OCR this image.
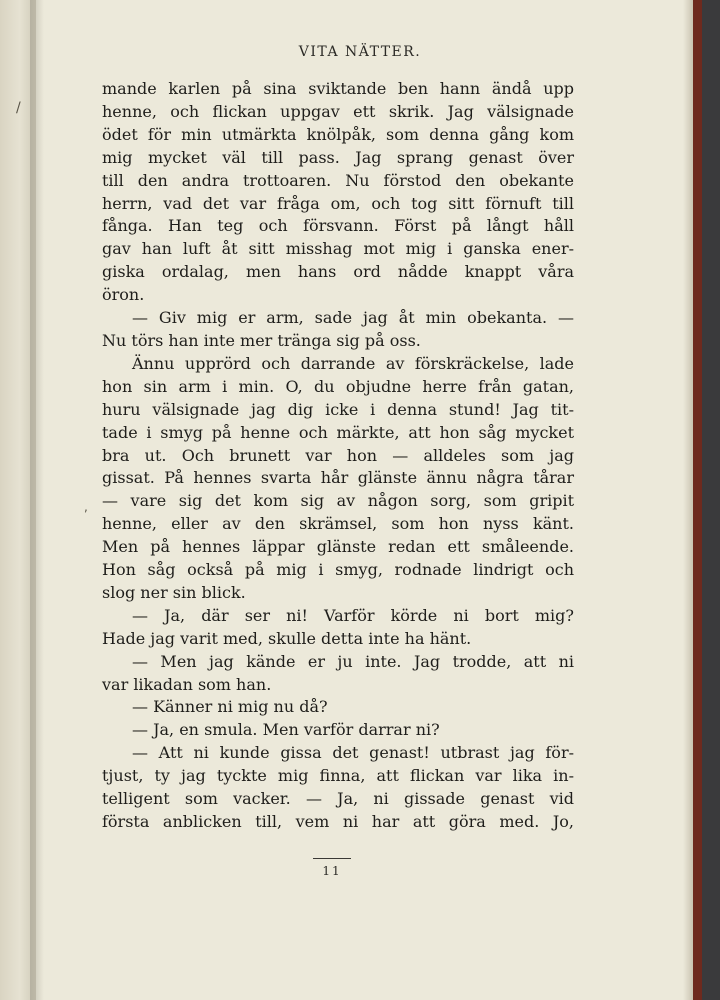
/
,
VITA NÄTTER.

mande karlen på sina sviktande ben hann ändå upp

henne, och flickan uppgav ett skrik. Jag välsignade

ödet för min utmärkta knölpåk, som denna gång kom

mig mycket väl till pass. Jag sprang genast över

till den andra trottoaren. Nu förstod den obekante

herrn, vad det var fråga om, och tog sitt förnuft till

fånga. Han teg och försvann. Först på långt håll

gav han luft åt sitt misshag mot mig i ganska ener-

giska ordalag, men hans ord nådde knappt våra

öron.

— Giv mig er arm, sade jag åt min obekanta. —

Nu törs han inte mer tränga sig på oss.

Ännu upprörd och darrande av förskräckelse, lade

hon sin arm i min. O, du objudne herre från gatan,

huru välsignade jag dig icke i denna stund! Jag tit-

tade i smyg på henne och märkte, att hon såg mycket

bra ut. Och brunett var hon — alldeles som jag

gissat. På hennes svarta hår glänste ännu några tårar

— vare sig det kom sig av någon sorg, som gripit

henne, eller av den skrämsel, som hon nyss känt.

Men på hennes läppar glänste redan ett småleende.

Hon såg också på mig i smyg, rodnade lindrigt och

slog ner sin blick.

— Ja, där ser ni! Varför körde ni bort mig?

Hade jag varit med, skulle detta inte ha hänt.

— Men jag kände er ju inte. Jag trodde, att ni

var likadan som han.

— Känner ni mig nu då?

— Ja, en smula. Men varför darrar ni?

— Att ni kunde gissa det genast! utbrast jag för-

tjust, ty jag tyckte mig finna, att flickan var lika in-

telligent som vacker. — Ja, ni gissade genast vid

första anblicken till, vem ni har att göra med. Jo,

11
